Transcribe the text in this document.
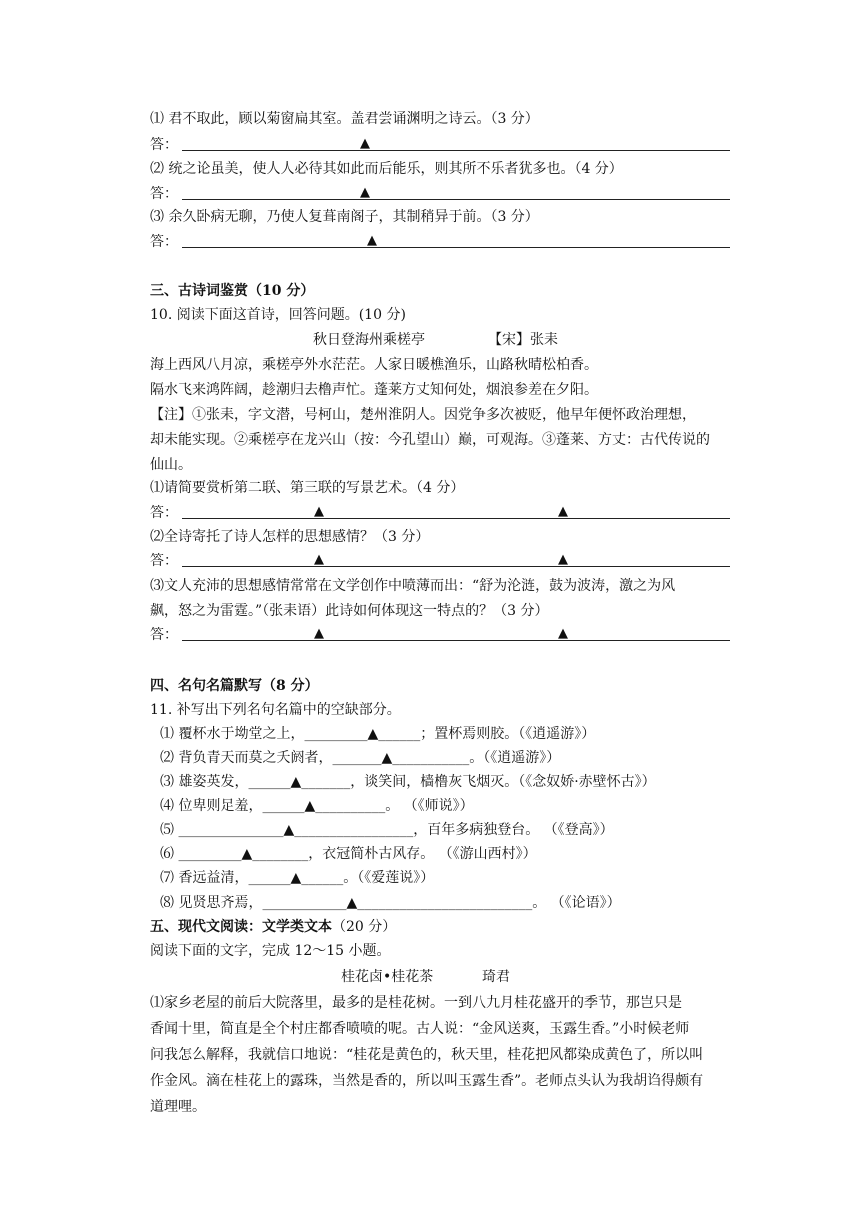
⑴ 君不取此，顾以菊窗扁其室。盖君尝诵渊明之诗云。（3 分）
答：	▲
⑵ 统之论虽美，使人人必待其如此而后能乐，则其所不乐者犹多也。（4 分）
答：	▲
⑶ 余久卧病无聊，乃使人复葺南阁子，其制稍异于前。（3 分）
答：	▲
三、古诗词鉴赏（10 分）
10. 阅读下面这首诗，回答问题。(10 分)
秋日登海州乘槎亭	【宋】张耒
海上西风八月凉，乘槎亭外水茫茫。人家日暖樵渔乐，山路秋晴松柏香。
隔水飞来鸿阵阔，趁潮归去橹声忙。蓬莱方丈知何处，烟浪参差在夕阳。
【注】①张耒，字文潜，号柯山，楚州淮阴人。因党争多次被贬，他早年便怀政治理想，
却未能实现。②乘槎亭在龙兴山（按：今孔望山）巅，可观海。③蓬莱、方丈：古代传说的
仙山。
⑴请简要赏析第二联、第三联的写景艺术。（4 分）
答：	▲	▲
⑵全诗寄托了诗人怎样的思想感情？（3 分）
答：	▲	▲
⑶文人充沛的思想感情常常在文学创作中喷薄而出：“舒为沦涟，鼓为波涛，激之为风
飙，怒之为雷霆。”（张耒语）此诗如何体现这一特点的？（3 分）
答：	▲	▲
四、名句名篇默写（8 分）
11. 补写出下列名句名篇中的空缺部分。
⑴ 覆杯水于坳堂之上，_________▲______；置杯焉则胶。（《逍遥游》）
⑵ 背负青天而莫之夭阏者，_______▲___________。（《逍遥游》）
⑶ 雄姿英发，______▲_______，谈笑间，樯橹灰飞烟灭。（《念奴娇·赤壁怀古》）
⑷ 位卑则足羞，______▲__________。 （《师说》）
⑸ _______________▲_________________，百年多病独登台。 （《登高》）
⑹ _________▲________，衣冠简朴古风存。 （《游山西村》）
⑺ 香远益清，______▲______。（《爱莲说》）
⑻ 见贤思齐焉，____________▲_________________________。 （《论语》）
五、现代文阅读：文学类文本（20 分）
阅读下面的文字，完成 12～15 小题。
桂花卤•桂花茶	琦君
⑴家乡老屋的前后大院落里，最多的是桂花树。一到八九月桂花盛开的季节，那岂只是
香闻十里，简直是全个村庄都香喷喷的呢。古人说：“金风送爽，玉露生香。”小时候老师
问我怎么解释，我就信口地说：“桂花是黄色的，秋天里，桂花把风都染成黄色了，所以叫
作金风。滴在桂花上的露珠，当然是香的，所以叫玉露生香”。老师点头认为我胡诌得颇有
道理哩。
